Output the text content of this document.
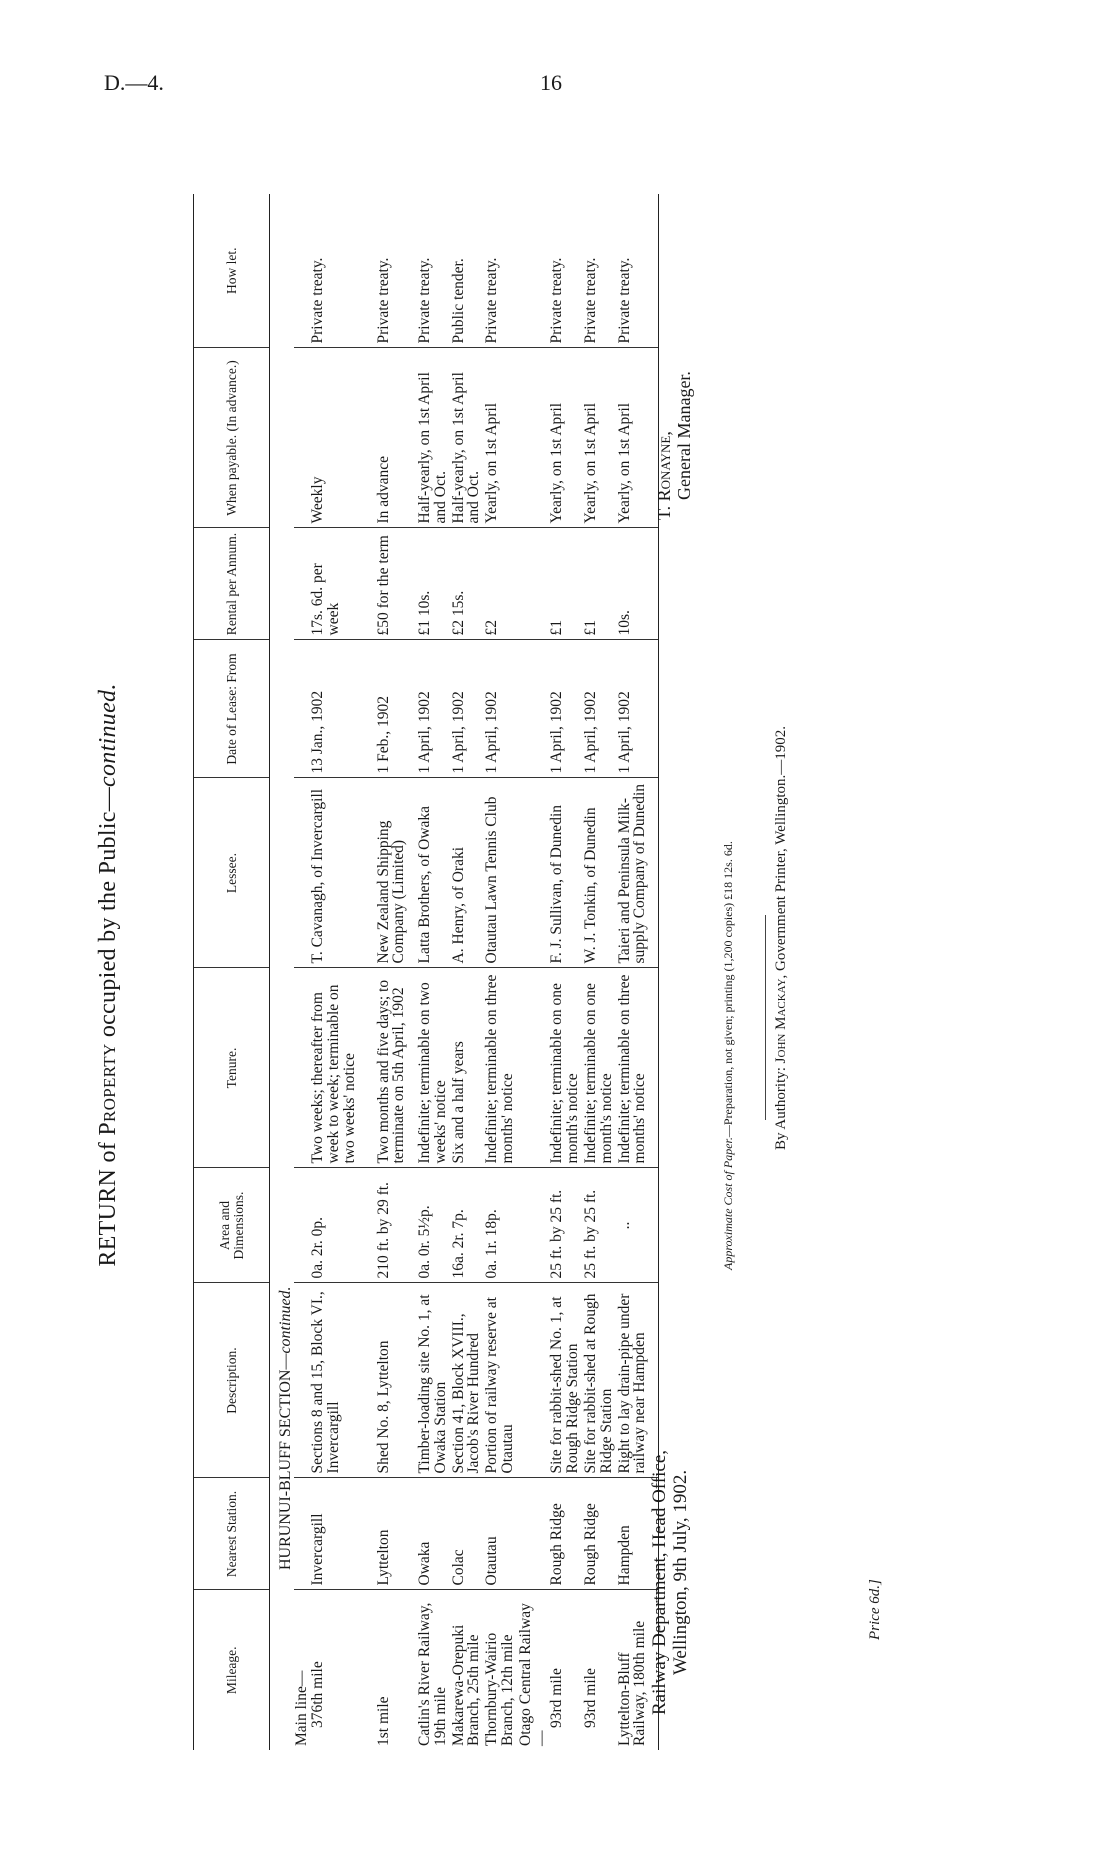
D.—4.	16
RETURN of Property occupied by the Public—continued.
Mileage.	Nearest Station.	Description.	Area and Dimensions.	Tenure.	Lessee.	Date of Lease: From	Rental per Annum.	When payable. (In advance.)	How let.
HURUNUI-BLUFF SECTION—continued.									
Main line—									
376th mile	Invercargill	Sections 8 and 15, Block VI., Invercargill	0a. 2r. 0p.	Two weeks; thereafter from week to week; terminable on two weeks' notice	T. Cavanagh, of Invercargill	13 Jan., 1902	17s. 6d. per week	Weekly	Private treaty.
1st mile	Lyttelton	Shed No. 8, Lyttelton	210 ft. by 29 ft.	Two months and five days; to terminate on 5th April, 1902	New Zealand Shipping Company (Limited)	1 Feb., 1902	£50 for the term	In advance	Private treaty.
Catlin's River Railway, 19th mile	Owaka	Timber-loading site No. 1, at Owaka Station	0a. 0r. 5½p.	Indefinite; terminable on two weeks' notice	Latta Brothers, of Owaka	1 April, 1902	£1 10s.	Half-yearly, on 1st April and Oct.	Private treaty.
Makarewa-Orepuki Branch, 25th mile	Colac	Section 41, Block XVIII., Jacob's River Hundred	16a. 2r. 7p.	Six and a half years	A. Henry, of Oraki	1 April, 1902	£2 15s.	Half-yearly, on 1st April and Oct.	Public tender.
Thornbury-Wairio Branch, 12th mile	Otautau	Portion of railway reserve at Otautau	0a. 1r. 18p.	Indefinite; terminable on three months' notice	Otautau Lawn Tennis Club	1 April, 1902	£2	Yearly, on 1st April	Private treaty.
Otago Central Railway—									
93rd mile	Rough Ridge	Site for rabbit-shed No. 1, at Rough Ridge Station	25 ft. by 25 ft.	Indefinite; terminable on one month's notice	F. J. Sullivan, of Dunedin	1 April, 1902	£1	Yearly, on 1st April	Private treaty.
93rd mile	Rough Ridge	Site for rabbit-shed at Rough Ridge Station	25 ft. by 25 ft.	Indefinite; terminable on one month's notice	W. J. Tonkin, of Dunedin	1 April, 1902	£1	Yearly, on 1st April	Private treaty.
Lyttelton-Bluff Railway, 180th mile	Hampden	Right to lay drain-pipe under railway near Hampden	..	Indefinite; terminable on three months' notice	Taieri and Peninsula Milk-supply Company of Dunedin	1 April, 1902	10s.	Yearly, on 1st April	Private treaty.
Railway Department, Head Office, Wellington, 9th July, 1902.
T. Ronayne, General Manager.
Approximate Cost of Paper.—Preparation, not given; printing (1,200 copies) £18 12s. 6d.	By Authority: John Mackay, Government Printer, Wellington.—1902.
Price 6d.]
